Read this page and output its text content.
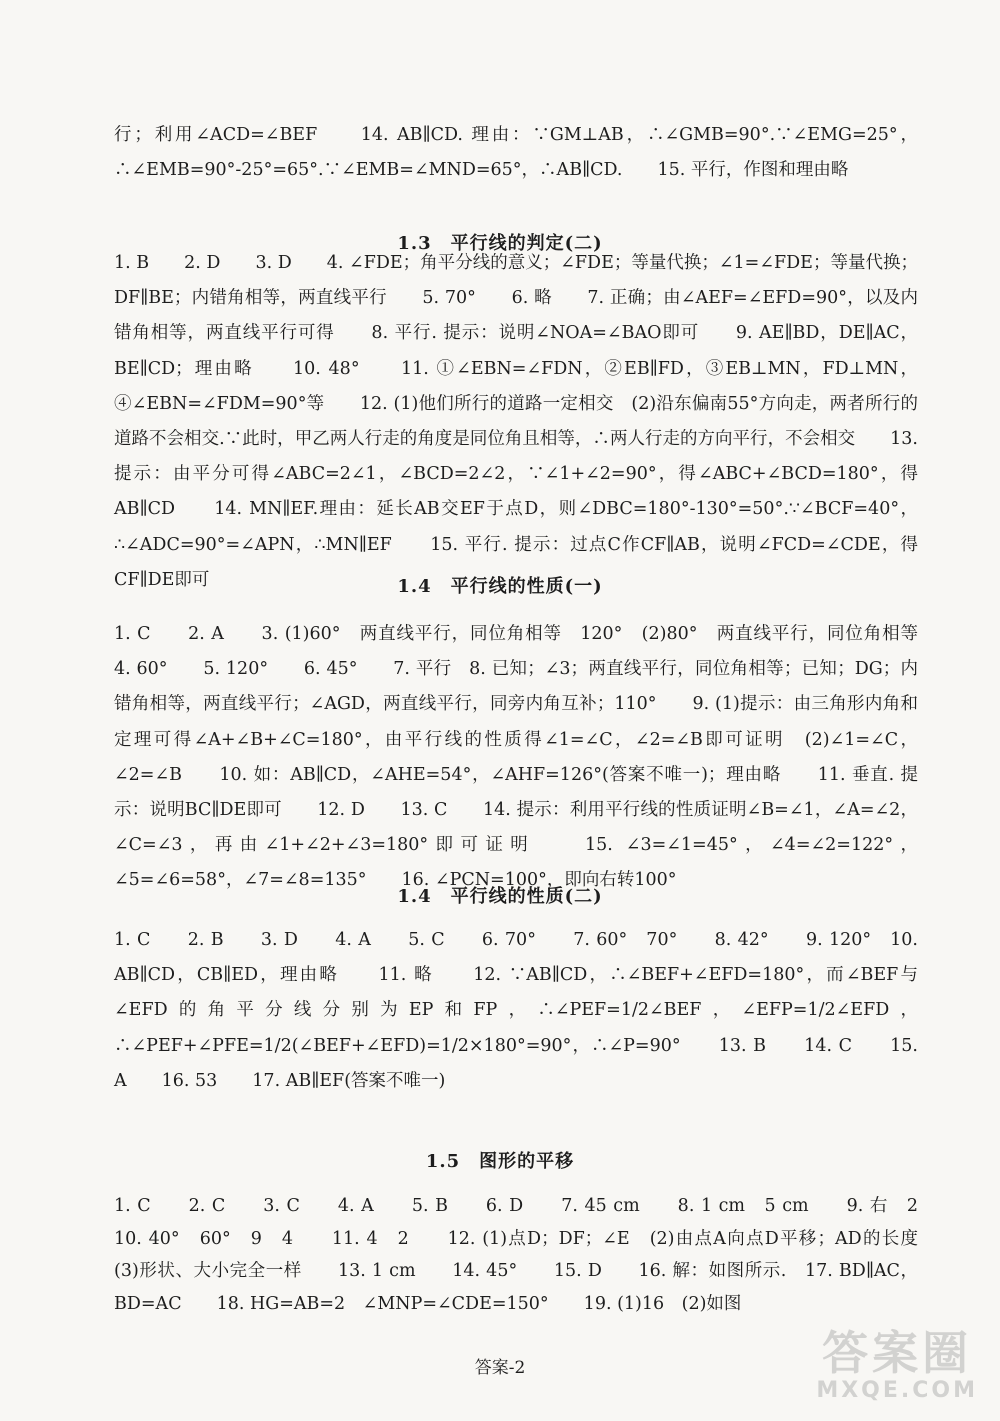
行；利用∠ACD=∠BEF　　14. AB∥CD. 理由：∵GM⊥AB，∴∠GMB=90°.∵∠EMG=25°，∴∠EMB=90°-25°=65°.∵∠EMB=∠MND=65°，∴AB∥CD.　　15. 平行，作图和理由略

1.3　平行线的判定(二)

1. B　　2. D　　3. D　　4. ∠FDE；角平分线的意义；∠FDE；等量代换；∠1=∠FDE；等量代换；DF∥BE；内错角相等，两直线平行　　5. 70°　　6. 略　　7. 正确；由∠AEF=∠EFD=90°，以及内错角相等，两直线平行可得　　8. 平行. 提示：说明∠NOA=∠BAO即可　　9. AE∥BD，DE∥AC，BE∥CD；理由略　　10. 48°　　11. ①∠EBN=∠FDN，②EB∥FD，③EB⊥MN，FD⊥MN，④∠EBN=∠FDM=90°等　　12. (1)他们所行的道路一定相交　(2)沿东偏南55°方向走，两者所行的道路不会相交.∵此时，甲乙两人行走的角度是同位角且相等，∴两人行走的方向平行，不会相交　　13. 提示：由平分可得∠ABC=2∠1，∠BCD=2∠2，∵∠1+∠2=90°，得∠ABC+∠BCD=180°，得AB∥CD　　14. MN∥EF.理由：延长AB交EF于点D，则∠DBC=180°-130°=50°.∵∠BCF=40°，∴∠ADC=90°=∠APN，∴MN∥EF　　15. 平行. 提示：过点C作CF∥AB，说明∠FCD=∠CDE，得CF∥DE即可	1.4　平行线的性质(一)

1. C　　2. A　　3. (1)60°　两直线平行，同位角相等　120°　(2)80°　两直线平行，同位角相等　　4. 60°　　5. 120°　　6. 45°　　7. 平行　8. 已知；∠3；两直线平行，同位角相等；已知；DG；内错角相等，两直线平行；∠AGD，两直线平行，同旁内角互补；110°　　9. (1)提示：由三角形内角和定理可得∠A+∠B+∠C=180°，由平行线的性质得∠1=∠C，∠2=∠B即可证明　(2)∠1=∠C，∠2=∠B　　10. 如：AB∥CD，∠AHE=54°，∠AHF=126°(答案不唯一)；理由略　　11. 垂直. 提示：说明BC∥DE即可　　12. D　　13. C　　14. 提示：利用平行线的性质证明∠B=∠1，∠A=∠2，∠C=∠3，再由∠1+∠2+∠3=180°即可证明　　15. ∠3=∠1=45°，∠4=∠2=122°，∠5=∠6=58°，∠7=∠8=135°　　16. ∠PCN=100°，即向右转100°

1.4　平行线的性质(二)

1. C　　2. B　　3. D　　4. A　　5. C　　6. 70°　　7. 60°　70°　　8. 42°　　9. 120°　10. AB∥CD，CB∥ED，理由略　　11. 略　　12. ∵AB∥CD，∴∠BEF+∠EFD=180°，而∠BEF与∠EFD的角平分线分别为EP和FP，∴∠PEF=1/2∠BEF，∠EFP=1/2∠EFD，∴∠PEF+∠PFE=1/2(∠BEF+∠EFD)=1/2×180°=90°，∴∠P=90°　　13. B　　14. C　　15. A　　16. 53　　17. AB∥EF(答案不唯一)

1.5　图形的平移

1. C　　2. C　　3. C　　4. A　　5. B　　6. D　　7. 45 cm　　8. 1 cm　5 cm　　9. 右　2　10. 40°　60°　9　4　　11. 4　2　　12. (1)点D；DF；∠E　(2)由点A向点D平移；AD的长度　(3)形状、大小完全一样　　13. 1 cm　　14. 45°　　15. D　　16. 解：如图所示.　17. BD∥AC，BD=AC　　18. HG=AB=2　∠MNP=∠CDE=150°　　19. (1)16　(2)如图

答案-2	答案圈
MXQE.COM
